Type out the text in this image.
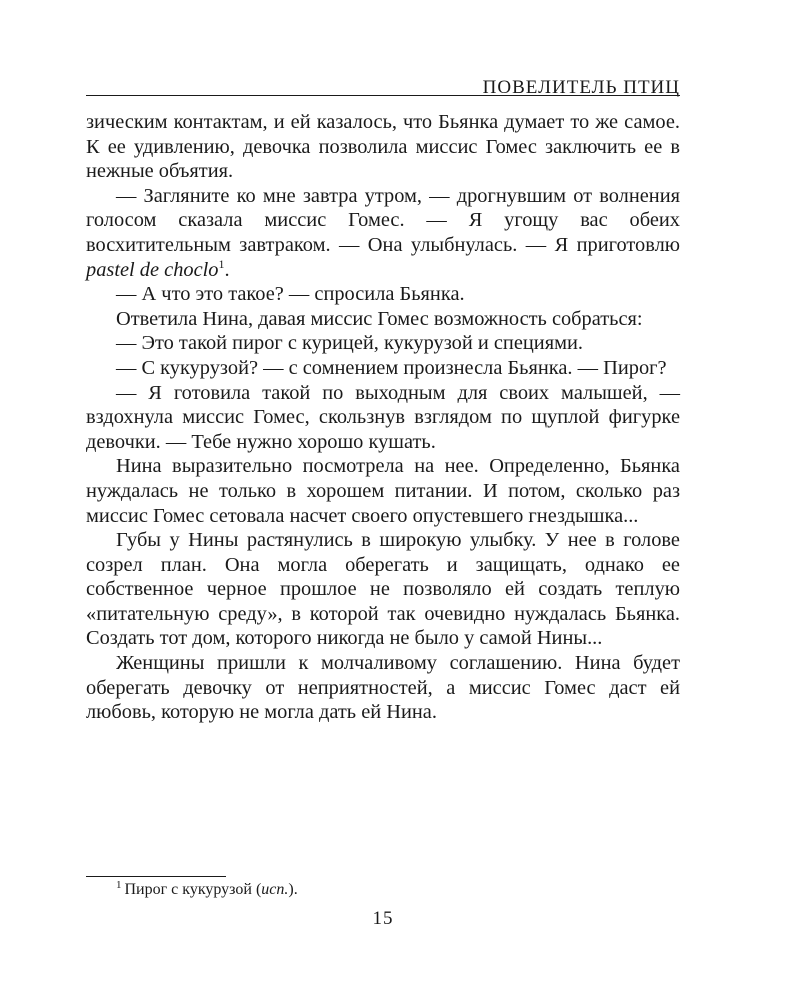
ПОВЕЛИТЕЛЬ ПТИЦ

зическим контактам, и ей казалось, что Бьянка думает то же самое. К ее удивлению, девочка позволила миссис Гомес заключить ее в нежные объятия.

— Загляните ко мне завтра утром, — дрогнувшим от волнения голосом сказала миссис Гомес. — Я угощу вас обеих восхитительным завтраком. — Она улыбнулась. — Я приготовлю pastel de choclo$^1$.

— А что это такое? — спросила Бьянка.

Ответила Нина, давая миссис Гомес возможность собраться:

— Это такой пирог с курицей, кукурузой и специями.

— С кукурузой? — с сомнением произнесла Бьянка. — Пирог?

— Я готовила такой по выходным для своих малышей, — вздохнула миссис Гомес, скользнув взглядом по щуплой фигурке девочки. — Тебе нужно хорошо кушать.

Нина выразительно посмотрела на нее. Определенно, Бьянка нуждалась не только в хорошем питании. И потом, сколько раз миссис Гомес сетовала насчет своего опустевшего гнездышка...

Губы у Нины растянулись в широкую улыбку. У нее в голове созрел план. Она могла оберегать и защищать, однако ее собственное черное прошлое не позволяло ей создать теплую «питательную среду», в которой так очевидно нуждалась Бьянка. Создать тот дом, которого никогда не было у самой Нины...

Женщины пришли к молчаливому соглашению. Нина будет оберегать девочку от неприятностей, а миссис Гомес даст ей любовь, которую не могла дать ей Нина.

$^1$ Пирог с кукурузой (исп.).
15
